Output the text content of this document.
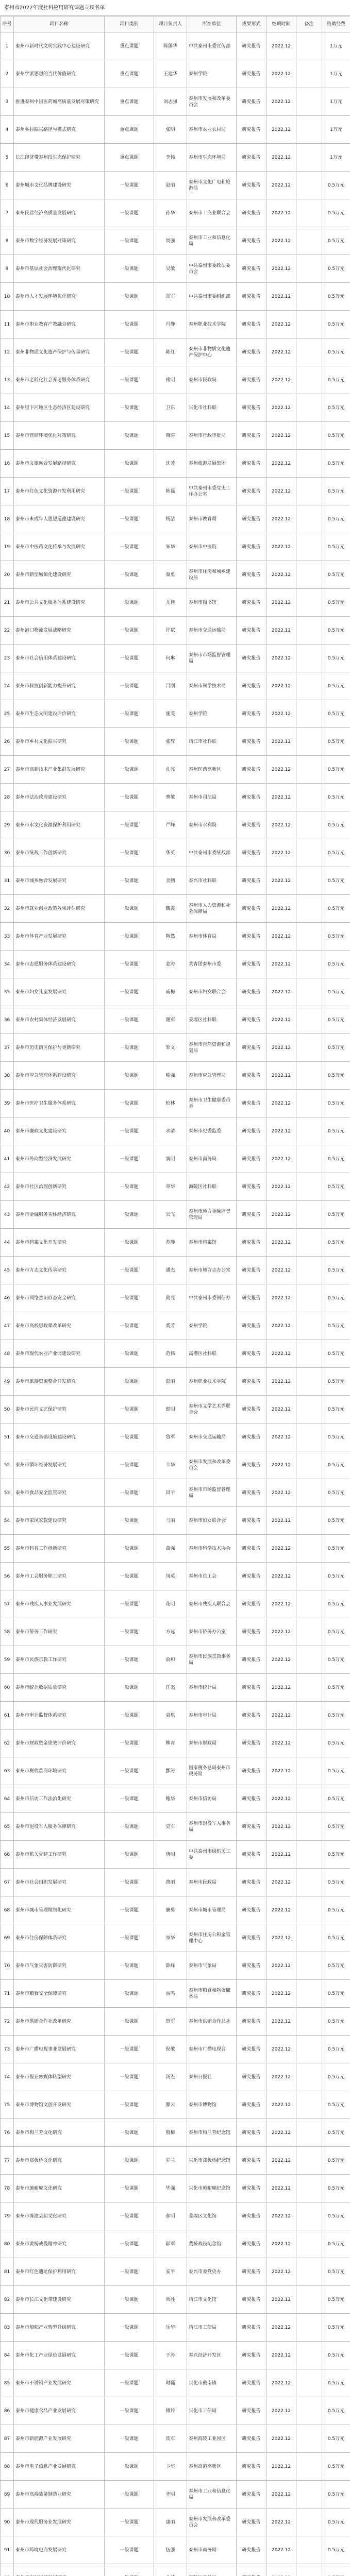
泰州市2022年度社科应用研究课题立项名单
序号	项目名称	项目类别	项目负责人	所在单位	成果形式	结项时间	备注	资助经费
1	泰州市新时代文明实践中心建设研究	重点课题	陈国华	中共泰州市委宣传部	研究报告	2022.12		1万元
2	泰州学派思想的当代价值研究	重点课题	王建华	泰州学院	研究报告	2022.12		1万元
3	推进泰州中国医药城高质量发展对策研究	重点课题	刘志强	泰州市发展和改革委员会	研究报告	2022.12		1万元
4	泰州乡村振兴路径与模式研究	重点课题	张明	泰州市农业农村局	研究报告	2022.12		1万元
5	长江经济带泰州段生态保护研究	重点课题	李伟	泰州市生态环境局	研究报告	2022.12		1万元
6	泰州城市文化品牌建设研究	一般课题	赵丽	泰州市文化广电和旅游局	研究报告	2022.12		0.5万元
7	泰州民营经济高质量发展研究	一般课题	孙华	泰州市工商业联合会	研究报告	2022.12		0.5万元
8	泰州市数字经济发展对策研究	一般课题	周强	泰州市工业和信息化局	研究报告	2022.12		0.5万元
9	泰州市基层社会治理现代化研究	一般课题	吴敏	中共泰州市委政法委员会	研究报告	2022.12		0.5万元
10	泰州市人才发展环境优化研究	一般课题	郑军	中共泰州市委组织部	研究报告	2022.12		0.5万元
11	泰州市职业教育产教融合研究	一般课题	冯静	泰州职业技术学院	研究报告	2022.12		0.5万元
12	泰州非物质文化遗产保护与传承研究	一般课题	陈红	泰州市非物质文化遗产保护中心	研究报告	2022.12		0.5万元
13	泰州市老龄化社会养老服务体系研究	一般课题	褚明	泰州市民政局	研究报告	2022.12		0.5万元
14	泰州里下河地区生态经济区建设研究	一般课题	卫东	兴化市社科联	研究报告	2022.12		0.5万元
15	泰州市营商环境优化对策研究	一般课题	蒋涛	泰州市行政审批局	研究报告	2022.12		0.5万元
16	泰州市文旅融合发展路径研究	一般课题	沈芳	泰州旅游发展集团	研究报告	2022.12		0.5万元
17	泰州市红色文化资源开发利用研究	一般课题	韩磊	中共泰州市委党史工作办公室	研究报告	2022.12		0.5万元
18	泰州市未成年人思想道德建设研究	一般课题	杨洁	泰州市教育局	研究报告	2022.12		0.5万元
19	泰州市中医药文化传承与发展研究	一般课题	朱华	泰州市中医院	研究报告	2022.12		0.5万元
20	泰州市新型城镇化建设研究	一般课题	秦勇	泰州市住房和城乡建设局	研究报告	2022.12		0.5万元
21	泰州市公共文化服务体系建设研究	一般课题	尤佳	泰州市图书馆	研究报告	2022.12		0.5万元
22	泰州港口物流发展战略研究	一般课题	许斌	泰州市交通运输局	研究报告	2022.12		0.5万元
23	泰州市社会信用体系建设研究	一般课题	何琳	泰州市市场监督管理局	研究报告	2022.12		0.5万元
24	泰州市科技创新能力提升研究	一般课题	吕刚	泰州市科学技术局	研究报告	2022.12		0.5万元
25	泰州市生态文明建设评价研究	一般课题	施雯	泰州学院	研究报告	2022.12		0.5万元
26	泰州市乡村文化振兴研究	一般课题	张辉	靖江市社科联	研究报告	2022.12		0.5万元
27	泰州市高新技术产业集群发展研究	一般课题	孔亮	泰州医药高新区	研究报告	2022.12		0.5万元
28	泰州市法治政府建设研究	一般课题	曹敏	泰州市司法局	研究报告	2022.12		0.5万元
29	泰州市水文化资源保护利用研究	一般课题	严峰	泰州市水利局	研究报告	2022.12		0.5万元
30	泰州市统战工作创新研究	一般课题	华英	中共泰州市委统战部	研究报告	2022.12		0.5万元
31	泰州市城乡融合发展研究	一般课题	金鹏	泰兴市社科联	研究报告	2022.12		0.5万元
32	泰州市就业创业政策效果评估研究	一般课题	魏霞	泰州市人力资源和社会保障局	研究报告	2022.12		0.5万元
33	泰州市体育产业发展研究	一般课题	陶然	泰州市体育局	研究报告	2022.12		0.5万元
34	泰州市志愿服务体系建设研究	一般课题	姜涛	共青团泰州市委	研究报告	2022.12		0.5万元
35	泰州市妇女儿童发展研究	一般课题	戚梅	泰州市妇女联合会	研究报告	2022.12		0.5万元
36	泰州市农村集体经济发展研究	一般课题	谢军	姜堰区社科联	研究报告	2022.12		0.5万元
37	泰州市历史街区保护与更新研究	一般课题	邹文	泰州市自然资源和规划局	研究报告	2022.12		0.5万元
38	泰州市应急管理体系建设研究	一般课题	喻强	泰州市应急管理局	研究报告	2022.12		0.5万元
39	泰州市医疗卫生服务体系研究	一般课题	柏林	泰州市卫生健康委员会	研究报告	2022.12		0.5万元
40	泰州市廉政文化建设研究	一般课题	水清	泰州市纪委监委	研究报告	2022.12		0.5万元
41	泰州市外向型经济发展研究	一般课题	窦明	泰州市商务局	研究报告	2022.12		0.5万元
42	泰州市社区治理创新研究	一般课题	章华	海陵区社科联	研究报告	2022.12		0.5万元
43	泰州市金融服务实体经济研究	一般课题	云飞	泰州市地方金融监督管理局	研究报告	2022.12		0.5万元
44	泰州市档案文化开发研究	一般课题	苏静	泰州市档案馆	研究报告	2022.12		0.5万元
45	泰州市方志文化传承研究	一般课题	潘杰	泰州市地方志办公室	研究报告	2022.12		0.5万元
46	泰州市网络意识形态安全研究	一般课题	葛亮	中共泰州市委网信办	研究报告	2022.12		0.5万元
47	泰州市高校思政课改革研究	一般课题	奚芳	泰州学院	研究报告	2022.12		0.5万元
48	泰州市现代农业产业园建设研究	一般课题	范伟	高港区社科联	研究报告	2022.12		0.5万元
49	泰州市旅游资源整合开发研究	一般课题	彭丽	泰州职业技术学院	研究报告	2022.12		0.5万元
50	泰州市民间文艺保护研究	一般课题	郎明	泰州市文学艺术界联合会	研究报告	2022.12		0.5万元
51	泰州市交通基础设施建设研究	一般课题	鲁军	泰州市交通运输局	研究报告	2022.12		0.5万元
52	泰州市循环经济发展研究	一般课题	韦华	泰州市发展和改革委员会	研究报告	2022.12		0.5万元
53	泰州市食品安全监管研究	一般课题	昌平	泰州市市场监督管理局	研究报告	2022.12		0.5万元
54	泰州市家风家教建设研究	一般课题	马丽	泰州市妇女联合会	研究报告	2022.12		0.5万元
55	泰州市科普工作创新研究	一般课题	苗强	泰州市科学技术协会	研究报告	2022.12		0.5万元
56	泰州市工会服务职工研究	一般课题	凤英	泰州市总工会	研究报告	2022.12		0.5万元
57	泰州市残疾人事业发展研究	一般课题	花明	泰州市残疾人联合会	研究报告	2022.12		0.5万元
58	泰州市侨务工作研究	一般课题	方远	泰州市侨务办公室	研究报告	2022.12		0.5万元
59	泰州市民族宗教工作研究	一般课题	俞和	泰州市民族宗教事务局	研究报告	2022.12		0.5万元
60	泰州市统计数据质量研究	一般课题	任杰	泰州市统计局	研究报告	2022.12		0.5万元
61	泰州市审计监督体系研究	一般课题	袁琪	泰州市审计局	研究报告	2022.12		0.5万元
62	泰州市财政资金绩效评价研究	一般课题	柳青	泰州市财政局	研究报告	2022.12		0.5万元
63	泰州市税收营商环境研究	一般课题	酆涛	国家税务总局泰州市税务局	研究报告	2022.12		0.5万元
64	泰州市信访工作法治化研究	一般课题	鲍华	泰州市信访局	研究报告	2022.12		0.5万元
65	泰州市退役军人服务保障研究	一般课题	史军	泰州市退役军人事务局	研究报告	2022.12		0.5万元
66	泰州市机关党建工作研究	一般课题	唐明	中共泰州市级机关工委	研究报告	2022.12		0.5万元
67	泰州市社会组织发展研究	一般课题	费丽	泰州市民政局	研究报告	2022.12		0.5万元
68	泰州市城市管理精细化研究	一般课题	廉勇	泰州市城市管理局	研究报告	2022.12		0.5万元
69	泰州市住房保障体系研究	一般课题	岑华	泰州市住房公积金管理中心	研究报告	2022.12		0.5万元
70	泰州市气象灾害防御研究	一般课题	薛峰	泰州市气象局	研究报告	2022.12		0.5万元
71	泰州市粮食安全保障研究	一般课题	雷鸣	泰州市粮食和物资储备局	研究报告	2022.12		0.5万元
72	泰州市供销合作社改革研究	一般课题	贺军	泰州市供销合作总社	研究报告	2022.12		0.5万元
73	泰州市广播电视事业发展研究	一般课题	倪敏	泰州市广播电视台	研究报告	2022.12		0.5万元
74	泰州市报业融媒体转型研究	一般课题	汤杰	泰州日报社	研究报告	2022.12		0.5万元
75	泰州市博物馆文创开发研究	一般课题	滕云	泰州市博物馆	研究报告	2022.12		0.5万元
76	泰州市梅兰芳文化研究	一般课题	殷梅	泰州市梅兰芳纪念馆	研究报告	2022.12		0.5万元
77	泰州市郑板桥文化研究	一般课题	罗兰	兴化市郑板桥纪念馆	研究报告	2022.12		0.5万元
78	泰州市施耐庵文化研究	一般课题	毕强	兴化市施耐庵纪念馆	研究报告	2022.12		0.5万元
79	泰州市溱潼会船文化研究	一般课题	郝明	姜堰区文化馆	研究报告	2022.12		0.5万元
80	泰州市黄桥战役精神研究	一般课题	邬军	黄桥战役纪念馆	研究报告	2022.12		0.5万元
81	泰州市红色遗址保护利用研究	一般课题	安平	泰兴市委党史办	研究报告	2022.12		0.5万元
82	泰州市长江文化带建设研究	一般课题	常胜	靖江市文化馆	研究报告	2022.12		0.5万元
83	泰州市船舶产业转型升级研究	一般课题	乐华	靖江市工信局	研究报告	2022.12		0.5万元
84	泰州市化工产业绿色发展研究	一般课题	于涛	泰兴经济开发区	研究报告	2022.12		0.5万元
85	泰州市不锈钢产业发展研究	一般课题	时磊	兴化市戴南镇	研究报告	2022.12		0.5万元
86	泰州市健康食品产业发展研究	一般课题	傅玲	兴化市工信局	研究报告	2022.12		0.5万元
87	泰州市新能源产业发展研究	一般课题	皮军	泰州海陵工业园区	研究报告	2022.12		0.5万元
88	泰州市电子信息产业发展研究	一般课题	卞华	泰州高港高新区	研究报告	2022.12		0.5万元
89	泰州市高端装备制造业研究	一般课题	齐明	泰州市工业和信息化局	研究报告	2022.12		0.5万元
90	泰州市现代服务业发展研究	一般课题	康丽	泰州市发展和改革委员会	研究报告	2022.12		0.5万元
91	泰州市跨境电商发展研究	一般课题	伍强	泰州市商务局	研究报告	2022.12		0.5万元
